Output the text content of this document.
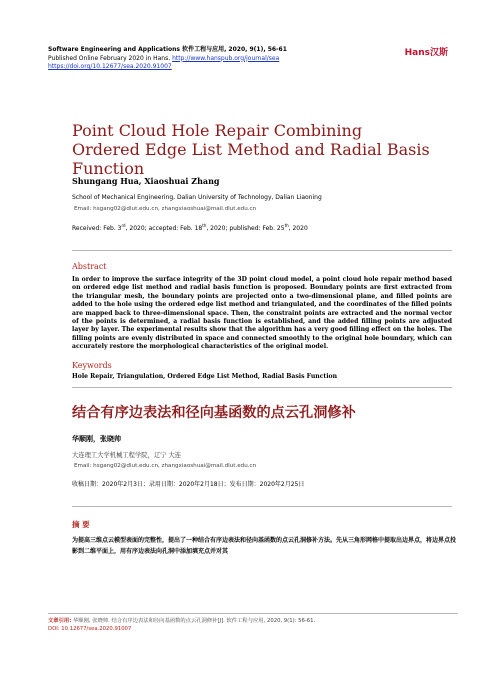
Software Engineering and Applications 软件工程与应用, 2020, 9(1), 56-61
Published Online February 2020 in Hans. http://www.hanspub.org/journal/sea
https://doi.org/10.12677/sea.2020.91007
Hans汉斯
Point Cloud Hole Repair Combining Ordered Edge List Method and Radial Basis Function
Shungang Hua, Xiaoshuai Zhang
School of Mechanical Engineering, Dalian University of Technology, Dalian Liaoning
Email: hsgang02@dlut.edu.cn, zhangxiaoshuai@mail.dlut.edu.cn
Received: Feb. 3rd, 2020; accepted: Feb. 18th, 2020; published: Feb. 25th, 2020
Abstract
In order to improve the surface integrity of the 3D point cloud model, a point cloud hole repair method based on ordered edge list method and radial basis function is proposed. Boundary points are first extracted from the triangular mesh, the boundary points are projected onto a two-dimensional plane, and filled points are added to the hole using the ordered edge list method and triangulated, and the coordinates of the filled points are mapped back to three-dimensional space. Then, the constraint points are extracted and the normal vector of the points is determined, a radial basis function is established, and the added filling points are adjusted layer by layer. The experimental results show that the algorithm has a very good filling effect on the holes. The filling points are evenly distributed in space and connected smoothly to the original hole boundary, which can accurately restore the morphological characteristics of the original model.
Keywords
Hole Repair, Triangulation, Ordered Edge List Method, Radial Basis Function
结合有序边表法和径向基函数的点云孔洞修补
华顺刚，张晓帅
大连理工大学机械工程学院，辽宁 大连
Email: hsgang02@dlut.edu.cn, zhangxiaoshuai@mail.dlut.edu.cn
收稿日期：2020年2月3日；录用日期：2020年2月18日；发布日期：2020年2月25日
摘 要
为提高三维点云模型表面的完整性，提出了一种结合有序边表法和径向基函数的点云孔洞修补方法。先从三角形网格中提取出边界点，将边界点投影到二维平面上，用有序边表法向孔洞中添加填充点并对其
文章引用: 华顺刚, 张晓帅. 结合有序边表法和径向基函数的点云孔洞修补[J]. 软件工程与应用, 2020, 9(1): 56-61.
DOI: 10.12677/sea.2020.91007
